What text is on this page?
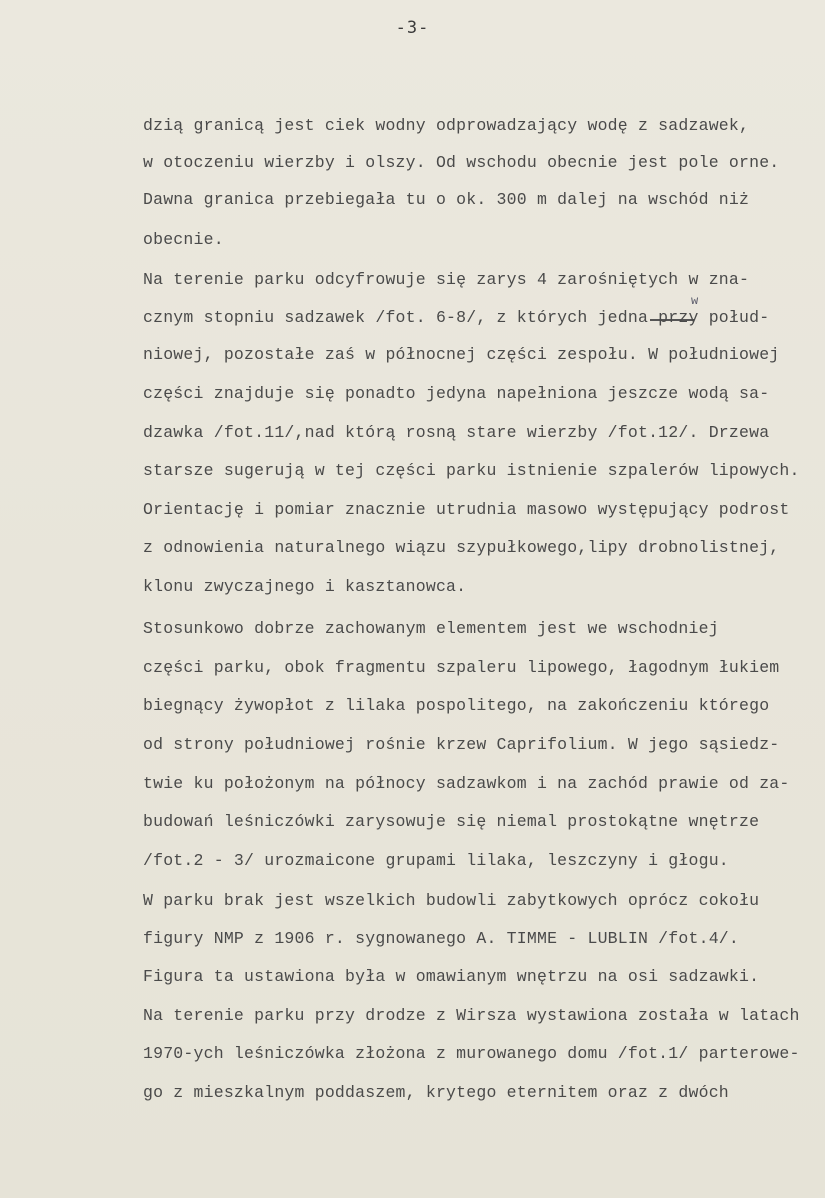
-3-
dzią granicą jest ciek wodny odprowadzający wodę z sadzawek,
w otoczeniu wierzby i olszy. Od wschodu obecnie jest pole orne.
Dawna granica przebiegała tu o ok. 300 m dalej na wschód niż
obecnie.
Na terenie parku odcyfrowuje się zarys 4 zarośniętych w zna-
w
cznym stopniu sadzawek /fot. 6-8/, z których jedna przy połud-
niowej, pozostałe zaś w północnej części zespołu. W południowej
części znajduje się ponadto jedyna napełniona jeszcze wodą sa-
dzawka /fot.11/,nad którą rosną stare wierzby /fot.12/. Drzewa
starsze sugerują w tej części parku istnienie szpalerów lipowych.
Orientację i pomiar znacznie utrudnia masowo występujący podrost
z odnowienia naturalnego wiązu szypułkowego,lipy drobnolistnej,
klonu zwyczajnego i kasztanowca.
Stosunkowo dobrze zachowanym elementem jest we wschodniej
części parku, obok fragmentu szpaleru lipowego, łagodnym łukiem
biegnący żywopłot z lilaka pospolitego, na zakończeniu którego
od strony południowej rośnie krzew Caprifolium. W jego sąsiedz-
twie ku położonym na północy sadzawkom i na zachód prawie od za-
budowań leśniczówki zarysowuje się niemal prostokątne wnętrze
/fot.2 - 3/ urozmaicone grupami lilaka, leszczyny i głogu.
W parku brak jest wszelkich budowli zabytkowych oprócz cokołu
figury NMP z 1906 r. sygnowanego A. TIMME - LUBLIN /fot.4/.
Figura ta ustawiona była w omawianym wnętrzu na osi sadzawki.
Na terenie parku przy drodze z Wirsza wystawiona została w latach
1970-ych leśniczówka złożona z murowanego domu /fot.1/ parterowe-
go z mieszkalnym poddaszem, krytego eternitem oraz z dwóch
